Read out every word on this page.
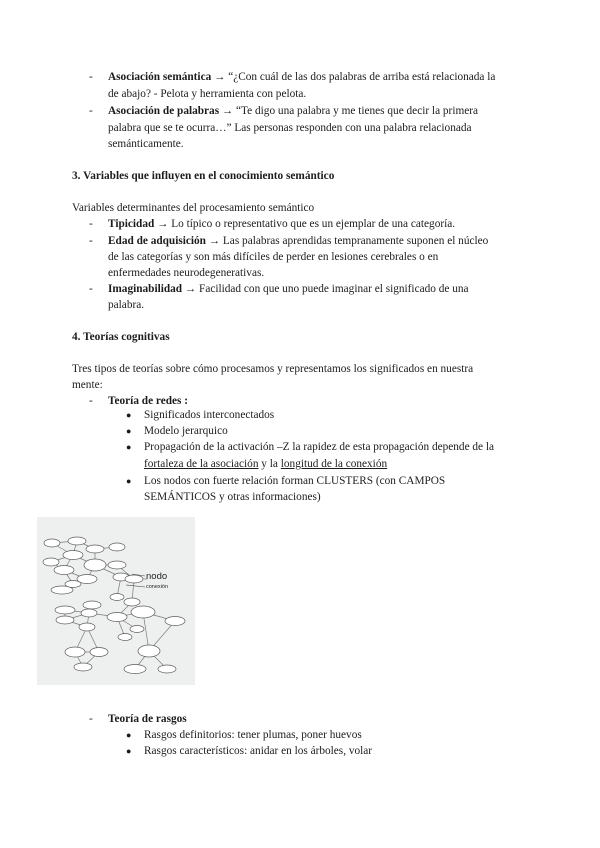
- Asociación semántica → “¿Con cuál de las dos palabras de arriba está relacionada la
de abajo? - Pelota y herramienta con pelota.
- Asociación de palabras → “Te digo una palabra y me tienes que decir la primera
palabra que se te ocurra…” Las personas responden con una palabra relacionada
semánticamente.
3. Variables que influyen en el conocimiento semántico
Variables determinantes del procesamiento semántico
- Tipicidad → Lo típico o representativo que es un ejemplar de una categoría.
- Edad de adquisición → Las palabras aprendidas tempranamente suponen el núcleo
de las categorías y son más difíciles de perder en lesiones cerebrales o en
enfermedades neurodegenerativas.
- Imaginabilidad → Facilidad con que uno puede imaginar el significado de una
palabra.
4. Teorías cognitivas
Tres tipos de teorías sobre cómo procesamos y representamos los significados en nuestra
mente:
- Teoría de redes :
● Significados interconectados
● Modelo jerarquico
● Propagación de la activación –Z la rapidez de esta propagación depende de la
fortaleza de la asociación y la longitud de la conexión
● Los nodos con fuerte relación forman CLUSTERS (con CAMPOS
SEMÁNTICOS y otras informaciones)
nodo
conexión
- Teoría de rasgos
● Rasgos definitorios: tener plumas, poner huevos
● Rasgos característicos: anidar en los árboles, volar
